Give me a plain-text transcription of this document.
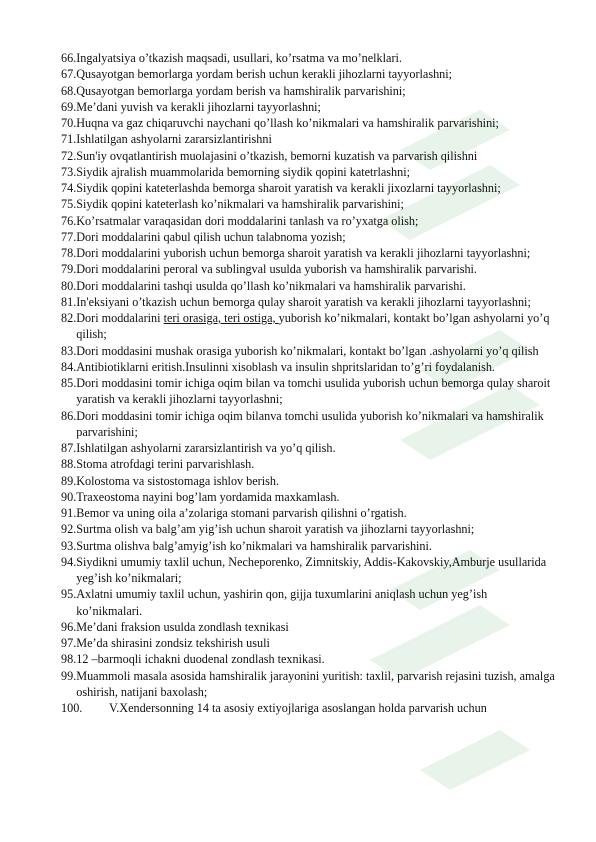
66. Ingalyatsiya o’tkazish maqsadi, usullari, ko’rsatma va mo’nelklari.
67. Qusayotgan bemorlarga yordam berish uchun kerakli jihozlarni tayyorlashni;
68. Qusayotgan bemorlarga yordam berish va hamshiralik parvarishini;
69. Me’dani yuvish va kerakli jihozlarni tayyorlashni;
70. Huqna va gaz chiqaruvchi naychani qo’llash ko’nikmalari va hamshiralik parvarishini;
71. Ishlatilgan ashyolarni zararsizlantirishni
72. Sun'iy ovqatlantirish muolajasini o’tkazish, bemorni kuzatish va parvarish qilishni
73. Siydik ajralish muammolarida bemorning siydik qopini katetrlashni;
74. Siydik qopini kateterlashda bemorga sharoit yaratish va kerakli jixozlarni tayyorlashni;
75. Siydik qopini kateterlash ko’nikmalari va hamshiralik parvarishini;
76. Ko’rsatmalar varaqasidan dori moddalarini tanlash va ro’yxatga olish;
77. Dori moddalarini qabul qilish uchun talabnoma yozish;
78. Dori moddalarini yuborish uchun bemorga sharoit yaratish va kerakli jihozlarni tayyorlashni;
79. Dori moddalarini peroral va sublingval usulda yuborish va hamshiralik parvarishi.
80. Dori moddalarini tashqi usulda qo’llash ko’nikmalari va hamshiralik parvarishi.
81. In'eksiyani o’tkazish uchun bemorga qulay sharoit yaratish va kerakli jihozlarni tayyorlashni;
82. Dori moddalarini teri orasiga, teri ostiga, yuborish ko’nikmalari, kontakt bo’lgan ashyolarni yo’q qilish;
83. Dori moddasini mushak orasiga yuborish ko’nikmalari, kontakt bo’lgan .ashyolarni yo’q qilish
84. Antibiotiklarni eritish.Insulinni xisoblash va insulin shpritslaridan to’g’ri foydalanish.
85. Dori moddasini tomir ichiga oqim bilan va tomchi usulida yuborish uchun bemorga qulay sharoit yaratish va kerakli jihozlarni tayyorlashni;
86. Dori moddasini tomir ichiga oqim bilanva tomchi usulida yuborish ko’nikmalari va hamshiralik parvarishini;
87. Ishlatilgan ashyolarni zararsizlantirish va yo’q qilish.
88. Stoma atrofdagi terini parvarishlash.
89. Kolostoma va sistostomaga ishlov berish.
90. Traxeostoma nayini bog’lam yordamida maxkamlash.
91. Bemor va uning oila a’zolariga stomani parvarish qilishni o’rgatish.
92. Surtma olish va balg’am yig’ish uchun sharoit yaratish va jihozlarni tayyorlashni;
93. Surtma olishva balg’amyig’ish ko’nikmalari va hamshiralik parvarishini.
94. Siydikni umumiy taxlil uchun, Necheporenko, Zimnitskiy, Addis-Kakovskiy,Amburje usullarida yeg’ish ko’nikmalari;
95. Axlatni umumiy taxlil uchun, yashirin qon, gijja tuxumlarini aniqlash uchun yeg’ish ko’nikmalari.
96. Me’dani fraksion usulda zondlash texnikasi
97. Me’da shirasini zondsiz tekshirish usuli
98. 12 –barmoqli ichakni duodenal zondlash texnikasi.
99. Muammoli masala asosida hamshiralik jarayonini yuritish: taxlil, parvarish rejasini tuzish, amalga oshirish, natijani baxolash;
100.	V.Xendersonning 14 ta asosiy extiyojlariga asoslangan holda parvarish uchun
